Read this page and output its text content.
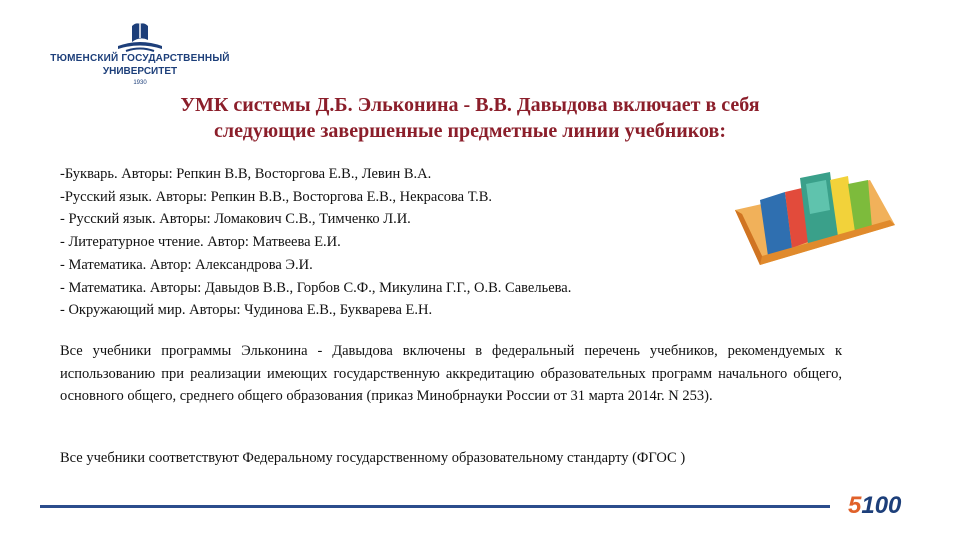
ТЮМЕНСКИЙ ГОСУДАРСТВЕННЫЙ
УНИВЕРСИТЕТ
1930
УМК системы Д.Б. Эльконина - В.В. Давыдова включает в себя
следующие завершенные предметные линии учебников:
-Букварь. Авторы: Репкин В.В, Восторгова Е.В., Левин В.А.
-Русский язык. Авторы: Репкин В.В., Восторгова Е.В., Некрасова Т.В.
- Русский язык. Авторы: Ломакович С.В., Тимченко Л.И.
- Литературное чтение. Автор: Матвеева Е.И.
- Математика. Автор: Александрова Э.И.
- Математика. Авторы: Давыдов В.В., Горбов С.Ф., Микулина Г.Г., О.В. Савельева.
- Окружающий мир. Авторы: Чудинова Е.В., Букварева Е.Н.
Все учебники программы Эльконина - Давыдова включены в федеральный перечень учебников, рекомендуемых к использованию при реализации имеющих государственную аккредитацию образовательных программ начального общего, основного общего, среднего общего образования (приказ Минобрнауки России от 31 марта 2014г. N 253).
Все учебники соответствуют Федеральному государственному образовательному стандарту (ФГОС )
5100
